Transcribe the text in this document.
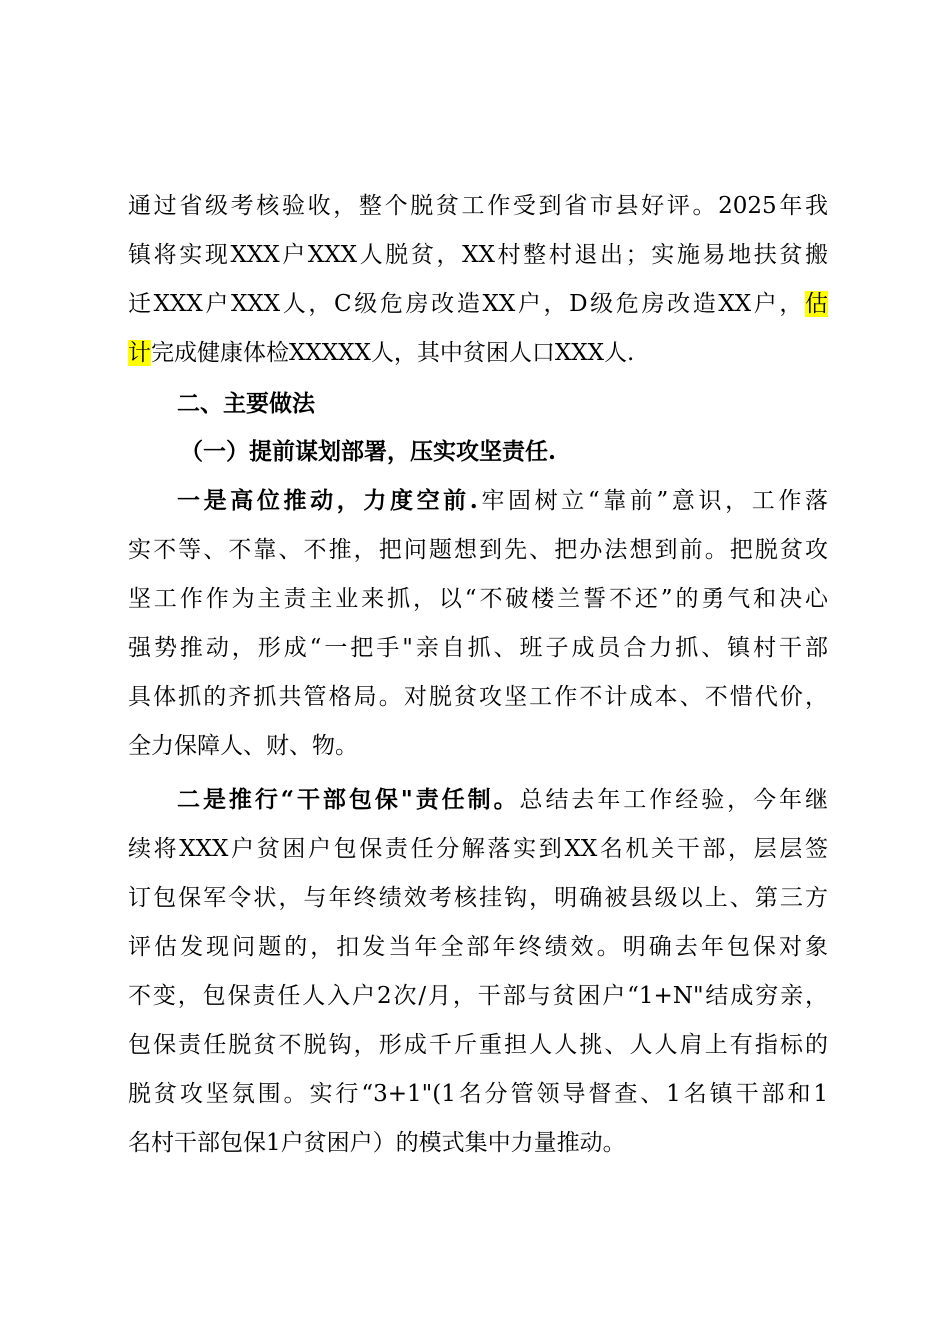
通过省级考核验收，整个脱贫工作受到省市县好评。2025年我
镇将实现XXX户XXX人脱贫，XX村整村退出；实施易地扶贫搬
迁XXX户XXX人，C级危房改造XX户，D级危房改造XX户，估
计完成健康体检XXXXX人，其中贫困人口XXX人.
二、主要做法
（一）提前谋划部署，压实攻坚责任.
一是高位推动，力度空前.牢固树立“靠前”意识，工作落
实不等、不靠、不推，把问题想到先、把办法想到前。把脱贫攻
坚工作作为主责主业来抓，以“不破楼兰誓不还”的勇气和决心
强势推动，形成“一把手"亲自抓、班子成员合力抓、镇村干部
具体抓的齐抓共管格局。对脱贫攻坚工作不计成本、不惜代价，
全力保障人、财、物。
二是推行“干部包保"责任制。总结去年工作经验，今年继
续将XXX户贫困户包保责任分解落实到XX名机关干部，层层签
订包保军令状，与年终绩效考核挂钩，明确被县级以上、第三方
评估发现问题的，扣发当年全部年终绩效。明确去年包保对象
不变，包保责任人入户2次/月，干部与贫困户“1+N"结成穷亲，
包保责任脱贫不脱钩，形成千斤重担人人挑、人人肩上有指标的
脱贫攻坚氛围。实行“3+1"(1名分管领导督查、1名镇干部和1
名村干部包保1户贫困户）的模式集中力量推动。
